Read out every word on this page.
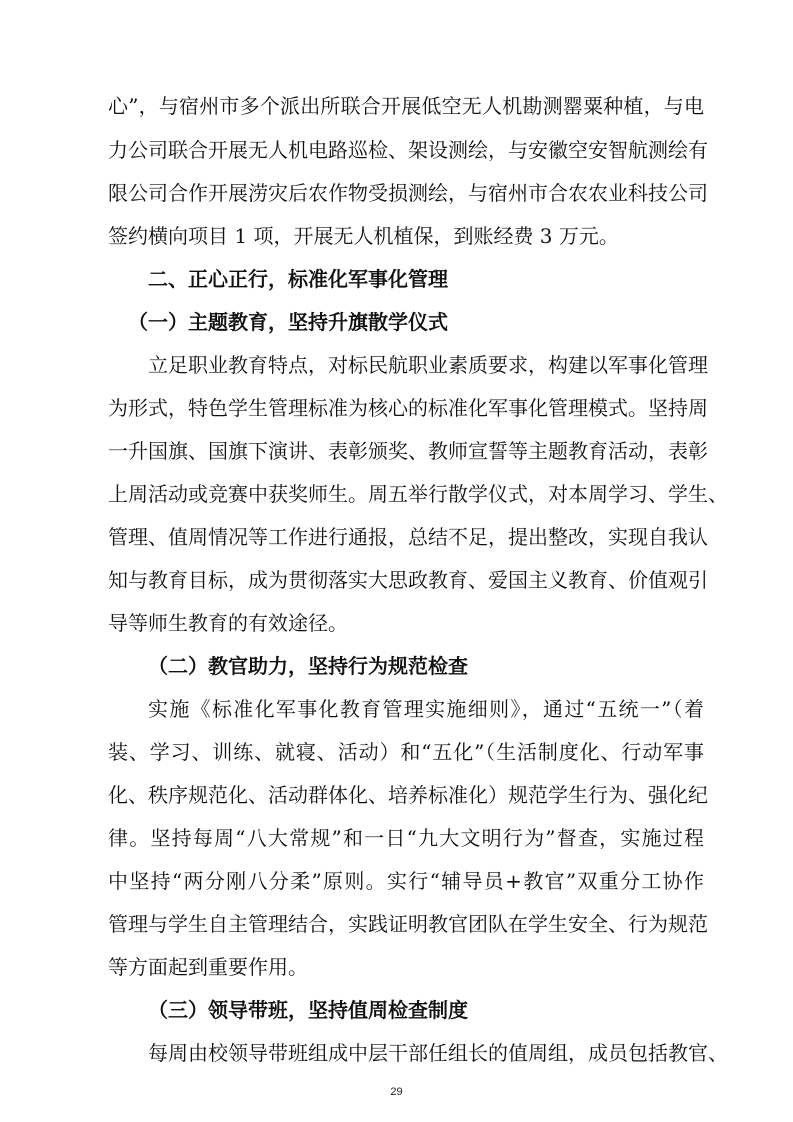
心”，与宿州市多个派出所联合开展低空无人机勘测罂粟种植，与电
力公司联合开展无人机电路巡检、架设测绘，与安徽空安智航测绘有
限公司合作开展涝灾后农作物受损测绘，与宿州市合农农业科技公司
签约横向项目 1 项，开展无人机植保，到账经费 3 万元。
二、正心正行，标准化军事化管理
（一）主题教育，坚持升旗散学仪式
立足职业教育特点，对标民航职业素质要求，构建以军事化管理
为形式，特色学生管理标准为核心的标准化军事化管理模式。坚持周
一升国旗、国旗下演讲、表彰颁奖、教师宣誓等主题教育活动，表彰
上周活动或竞赛中获奖师生。周五举行散学仪式，对本周学习、学生、
管理、值周情况等工作进行通报，总结不足，提出整改，实现自我认
知与教育目标，成为贯彻落实大思政教育、爱国主义教育、价值观引
导等师生教育的有效途径。
（二）教官助力，坚持行为规范检查
实施《标准化军事化教育管理实施细则》，通过“五统一”（着
装、学习、训练、就寝、活动）和“五化”（生活制度化、行动军事
化、秩序规范化、活动群体化、培养标准化）规范学生行为、强化纪
律。坚持每周“八大常规”和一日“九大文明行为”督查，实施过程
中坚持“两分刚八分柔”原则。实行“辅导员+教官”双重分工协作
管理与学生自主管理结合，实践证明教官团队在学生安全、行为规范
等方面起到重要作用。
（三）领导带班，坚持值周检查制度
每周由校领导带班组成中层干部任组长的值周组，成员包括教官、
29
